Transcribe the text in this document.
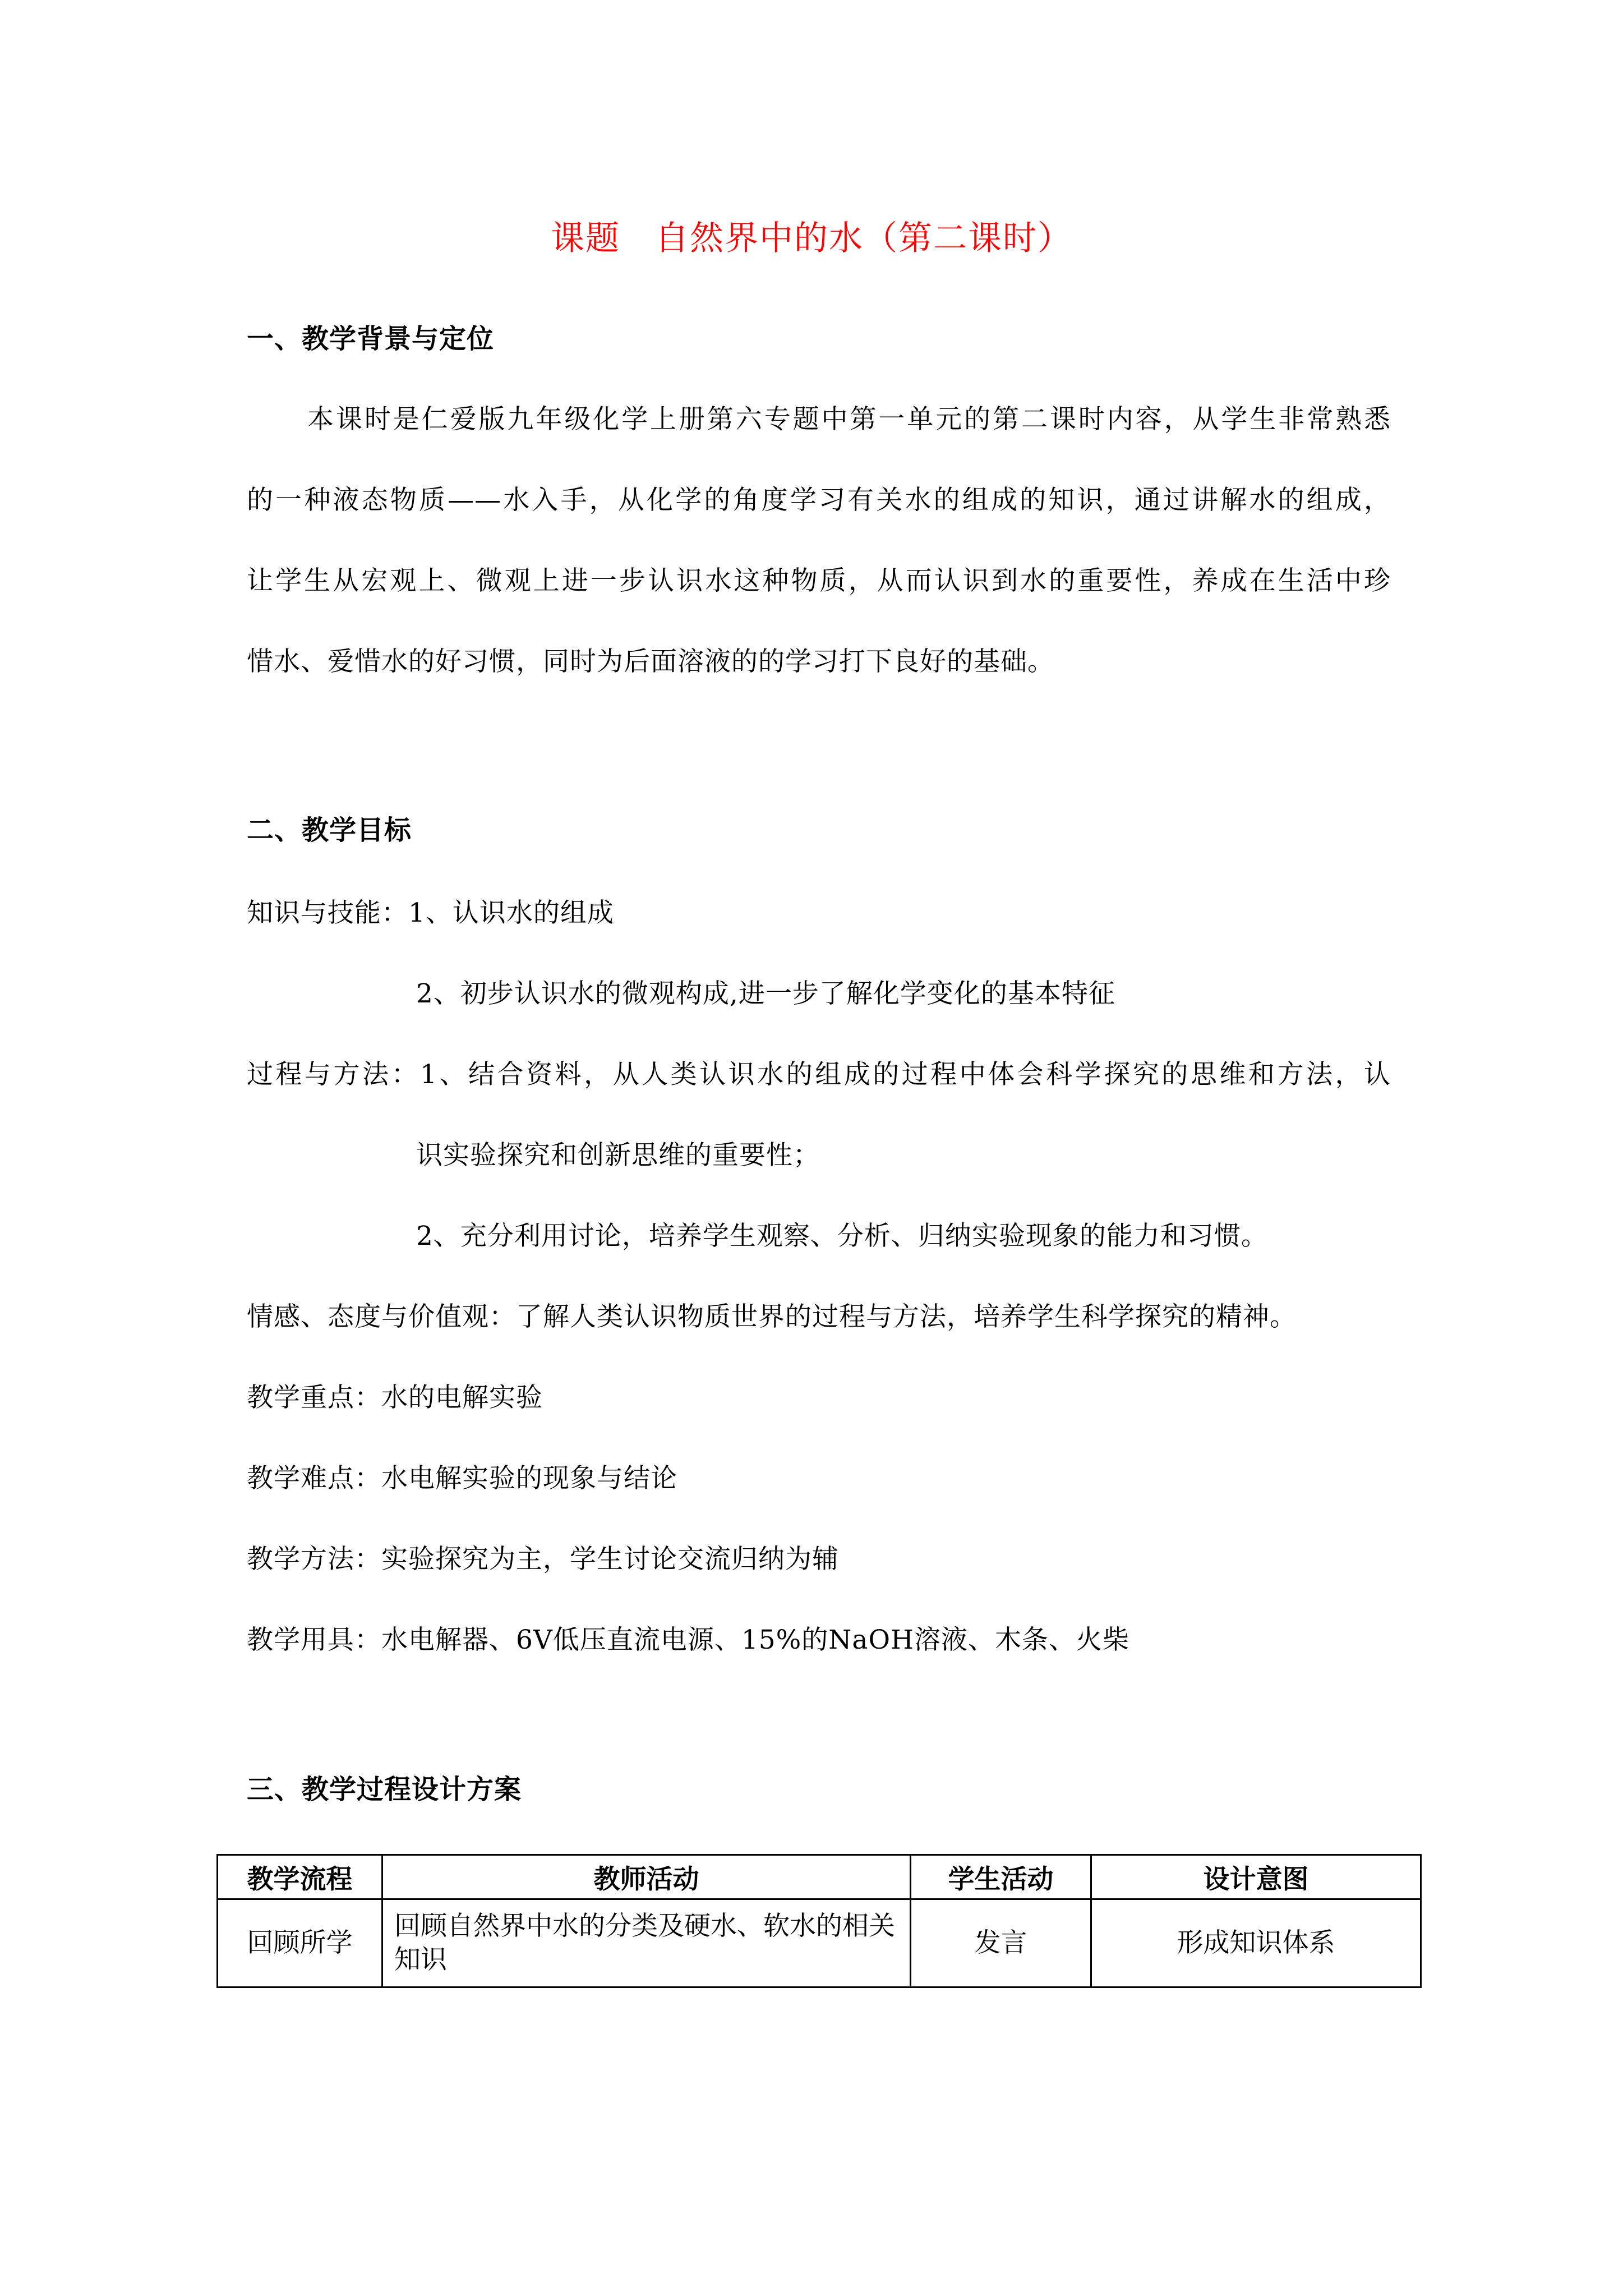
课题　自然界中的水（第二课时）
一、教学背景与定位
本课时是仁爱版九年级化学上册第六专题中第一单元的第二课时内容，从学生非常熟悉
的一种液态物质——水入手，从化学的角度学习有关水的组成的知识，通过讲解水的组成，
让学生从宏观上、微观上进一步认识水这种物质，从而认识到水的重要性，养成在生活中珍
惜水、爱惜水的好习惯，同时为后面溶液的的学习打下良好的基础。
二、教学目标
知识与技能：1、认识水的组成
2、初步认识水的微观构成,进一步了解化学变化的基本特征
过程与方法：1、结合资料，从人类认识水的组成的过程中体会科学探究的思维和方法，认
识实验探究和创新思维的重要性；
2、充分利用讨论，培养学生观察、分析、归纳实验现象的能力和习惯。
情感、态度与价值观：了解人类认识物质世界的过程与方法，培养学生科学探究的精神。
教学重点：水的电解实验
教学难点：水电解实验的现象与结论
教学方法：实验探究为主，学生讨论交流归纳为辅
教学用具：水电解器、6V低压直流电源、15%的NaOH溶液、木条、火柴
三、教学过程设计方案
教学流程	教师活动	学生活动	设计意图
回顾所学	回顾自然界中水的分类及硬水、软水的相关知识	发言	形成知识体系
